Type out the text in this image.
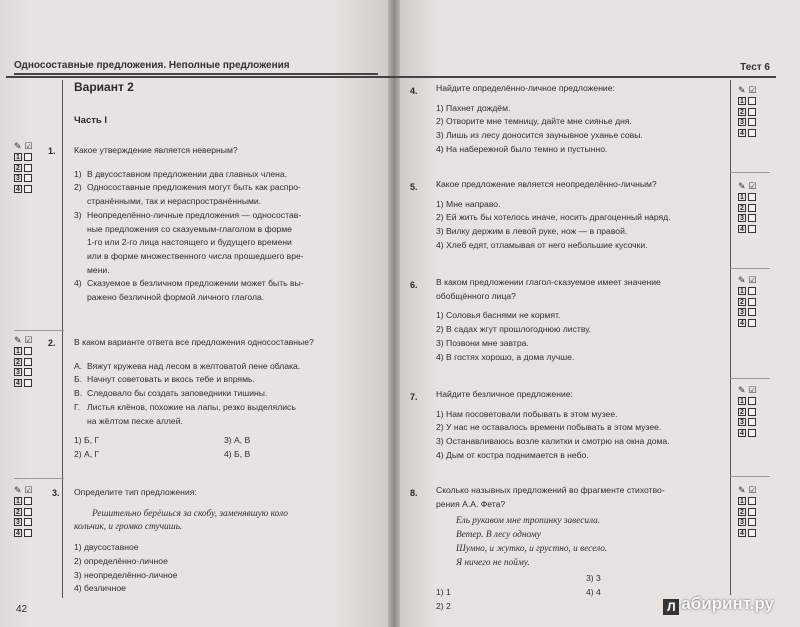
Односоставные предложения. Неполные предложения	Тест 6
Вариант 2
Часть I
✎ ☑
1
2
3
4
✎ ☑
1
2
3
4
✎ ☑
1
2
3
4
✎ ☑
1
2
3
4
✎ ☑
1
2
3
4
✎ ☑
1
2
3
4
✎ ☑
1
2
3
4
✎ ☑
1
2
3
4
1. Какое утверждение является неверным?

1) В двусоставном предложении два главных члена.
2) Односоставные предложения могут быть как распро-
странёнными, так и нераспространёнными.
3) Неопределённо-личные предложения — односостав-
ные предложения со сказуемым-глаголом в форме
1-го или 2-го лица настоящего и будущего времени
или в форме множественного числа прошедшего вре-
мени.
4) Сказуемое в безличном предложении может быть вы-
ражено безличной формой личного глагола.
2. В каком варианте ответа все предложения односоставные?

А. Вяжут кружева над лесом в желтоватой пене облака.
Б. Начнут советовать и вкось тебе и впрямь.
В. Следовало бы создать заповедники тишины.
Г. Листья клёнов, похожие на лапы, резко выделялись
на жёлтом песке аллей.
1) Б, Г	3) А, В
2) А, Г	4) Б, В
3. Определите тип предложения:

Решительно берёшься за скобу, заменявшую коло

кольчик, и громко стучишь.

1) двусоставное

2) определённо-личное

3) неопределённо-личное

4) безличное

4. Найдите определённо-личное предложение:

1) Пахнет дождём.

2) Отворите мне темницу, дайте мне сиянье дня.

3) Лишь из лесу доносится заунывное уханье совы.

4) На набережной было темно и пустынно.

5. Какое предложение является неопределённо-личным?

1) Мне направо.

2) Ей жить бы хотелось иначе, носить драгоценный наряд.

3) Вилку держим в левой руке, нож — в правой.

4) Хлеб едят, отламывая от него небольшие кусочки.

6. В каком предложении глагол-сказуемое имеет значение

обобщённого лица?

1) Соловья баснями не кормят.

2) В садах жгут прошлогоднюю листву.

3) Позвони мне завтра.

4) В гостях хорошо, а дома лучше.

7. Найдите безличное предложение:

1) Нам посоветовали побывать в этом музее.

2) У нас не оставалось времени побывать в этом музее.

3) Останавливаюсь возле калитки и смотрю на окна дома.

4) Дым от костра поднимается в небо.

8. Сколько назывных предложений во фрагменте стихотво-

рения А.А. Фета?

Ель рукавом мне тропинку завесила.

Ветер. В лесу одному

Шумно, и жутко, и грустно, и весело.

Я ничего не пойму.

3) 3
1) 1	4) 4
2) 2
42	Л абиринт.ру
